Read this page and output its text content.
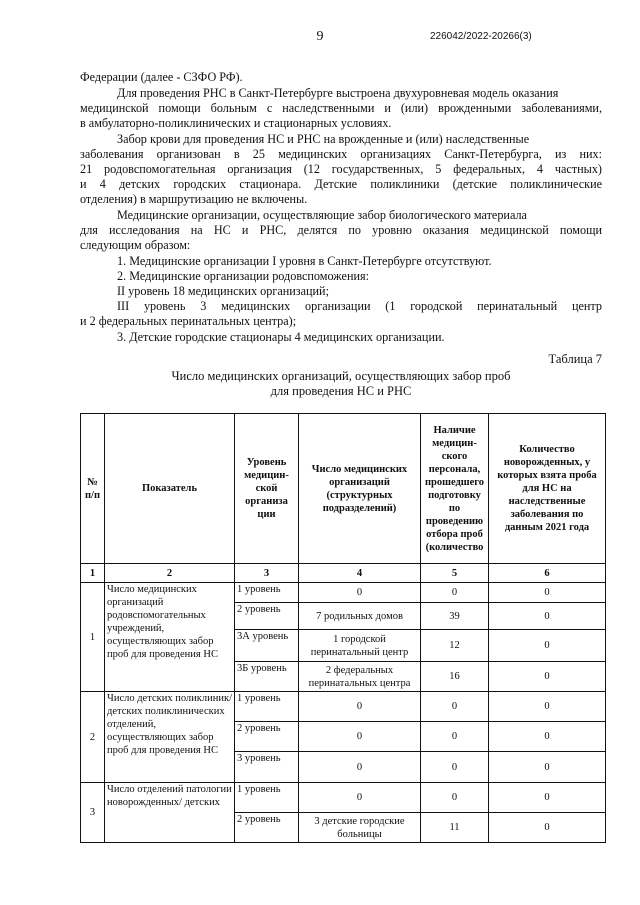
9	226042/2022-20266(3)
Федерации (далее - СЗФО РФ).
Для проведения РНС в Санкт-Петербурге выстроена двухуровневая модель оказания
медицинской помощи больным с наследственными и (или) врожденными заболеваниями,
в амбулаторно-поликлинических и стационарных условиях.
Забор крови для проведения НС и РНС на врожденные и (или) наследственные
заболевания организован в 25 медицинских организациях Санкт-Петербурга, из них:
21 родовспомогательная организация (12 государственных, 5 федеральных, 4 частных)
и 4 детских городских стационара. Детские поликлиники (детские поликлинические
отделения) в маршрутизацию не включены.
Медицинские организации, осуществляющие забор биологического материала
для исследования на НС и РНС, делятся по уровню оказания медицинской помощи
следующим образом:
1. Медицинские организации I уровня в Санкт-Петербурге отсутствуют.
2. Медицинские организации родовспоможения:
II уровень 18 медицинских организаций;
III уровень 3 медицинских организации (1 городской перинатальный центр
и 2 федеральных перинатальных центра);
3. Детские городские стационары 4 медицинских организации.
Таблица 7
Число медицинских организаций, осуществляющих забор проб
для проведения НС и РНС
№ п/п	Показатель	Уровень медицин-ской организа ции	Число медицинских организаций (структурных подразделений)	Наличие медицин-ского персонала, прошедшего подготовку по проведению отбора проб (количество	Количество новорожденных, у которых взята проба для НС на наследственные заболевания по данным 2021 года
1	2	3	4	5	6
1	Число медицинских организаций родовспомогательных учреждений, осуществляющих забор проб для проведения НС	1 уровень	0	0	0
		2 уровень	7 родильных домов	39	0
		3А уровень	1 городской перинатальный центр	12	0
		3Б уровень	2 федеральных перинатальных центра	16	0
2	Число детских поликлиник/детских поликлинических отделений, осуществляющих забор проб для проведения НС	1 уровень	0	0	0
		2 уровень	0	0	0
		3 уровень	0	0	0
3	Число отделений патологии новорожденных/ детских	1 уровень	0	0	0
		2 уровень	3 детские городские больницы	11	0
